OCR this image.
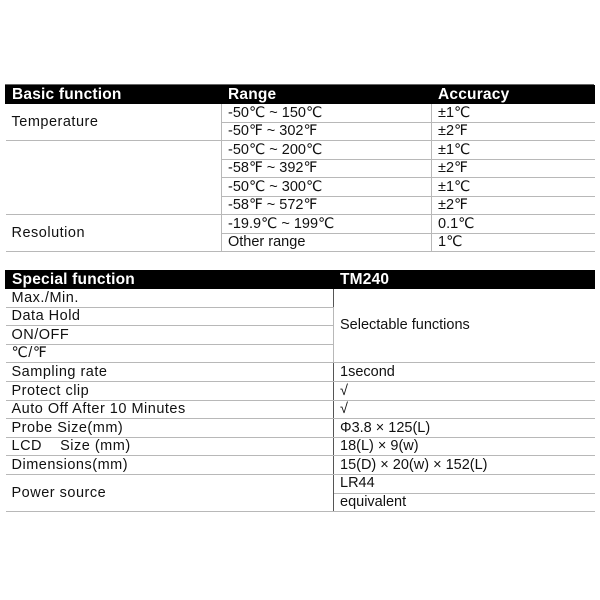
Basic function	Range	Accuracy
Temperature	-50℃ ~ 150℃	±1℃
	-50℉ ~ 302℉	±2℉
	-50℃ ~ 200℃	±1℃
	-58℉ ~ 392℉	±2℉
	-50℃ ~ 300℃	±1℃
	-58℉ ~ 572℉	±2℉
Resolution	-19.9℃ ~ 199℃	0.1℃
	Other range	1℃
Special function	TM240
Max./Min.	Selectable functions
Data Hold	
ON/OFF	
℃/℉	
Sampling rate	1second
Protect clip	√
Auto Off After 10 Minutes	√
Probe Size(mm)	Φ3.8 × 125(L)
LCD    Size (mm)	18(L) × 9(w)
Dimensions(mm)	15(D) × 20(w) × 152(L)
Power source	LR44
	equivalent
